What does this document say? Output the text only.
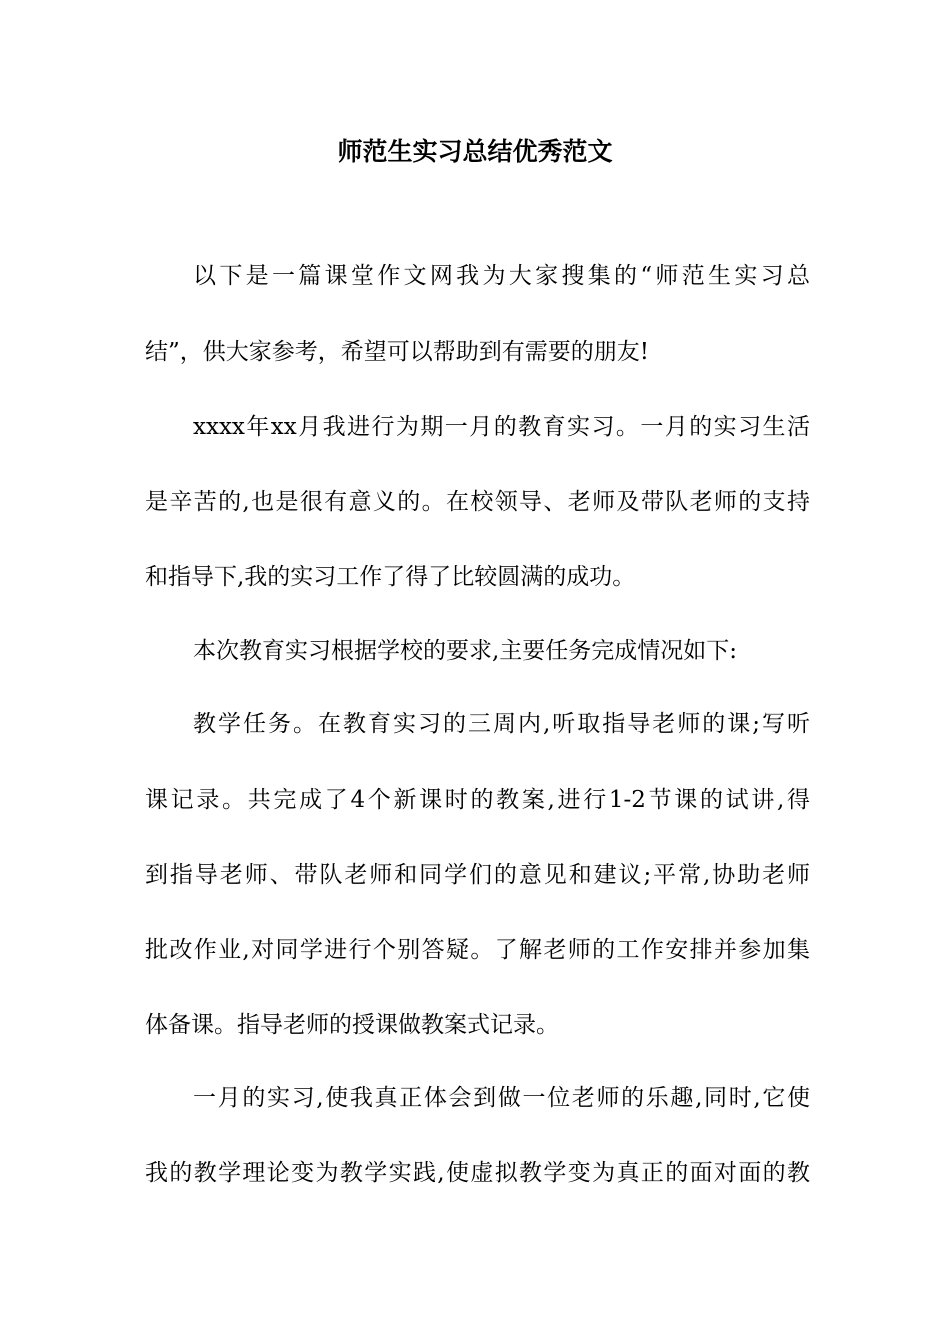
师范生实习总结优秀范文

以下是一篇课堂作文网我为大家搜集的“师范生实习总

结”，供大家参考，希望可以帮助到有需要的朋友!

xxxx年xx月我进行为期一月的教育实习。一月的实习生活

是辛苦的,也是很有意义的。在校领导、老师及带队老师的支持

和指导下,我的实习工作了得了比较圆满的成功。

本次教育实习根据学校的要求,主要任务完成情况如下:

教学任务。在教育实习的三周内,听取指导老师的课;写听

课记录。共完成了4个新课时的教案,进行1-2节课的试讲,得

到指导老师、带队老师和同学们的意见和建议;平常,协助老师

批改作业,对同学进行个别答疑。了解老师的工作安排并参加集

体备课。指导老师的授课做教案式记录。

一月的实习,使我真正体会到做一位老师的乐趣,同时,它使

我的教学理论变为教学实践,使虚拟教学变为真正的面对面的教
